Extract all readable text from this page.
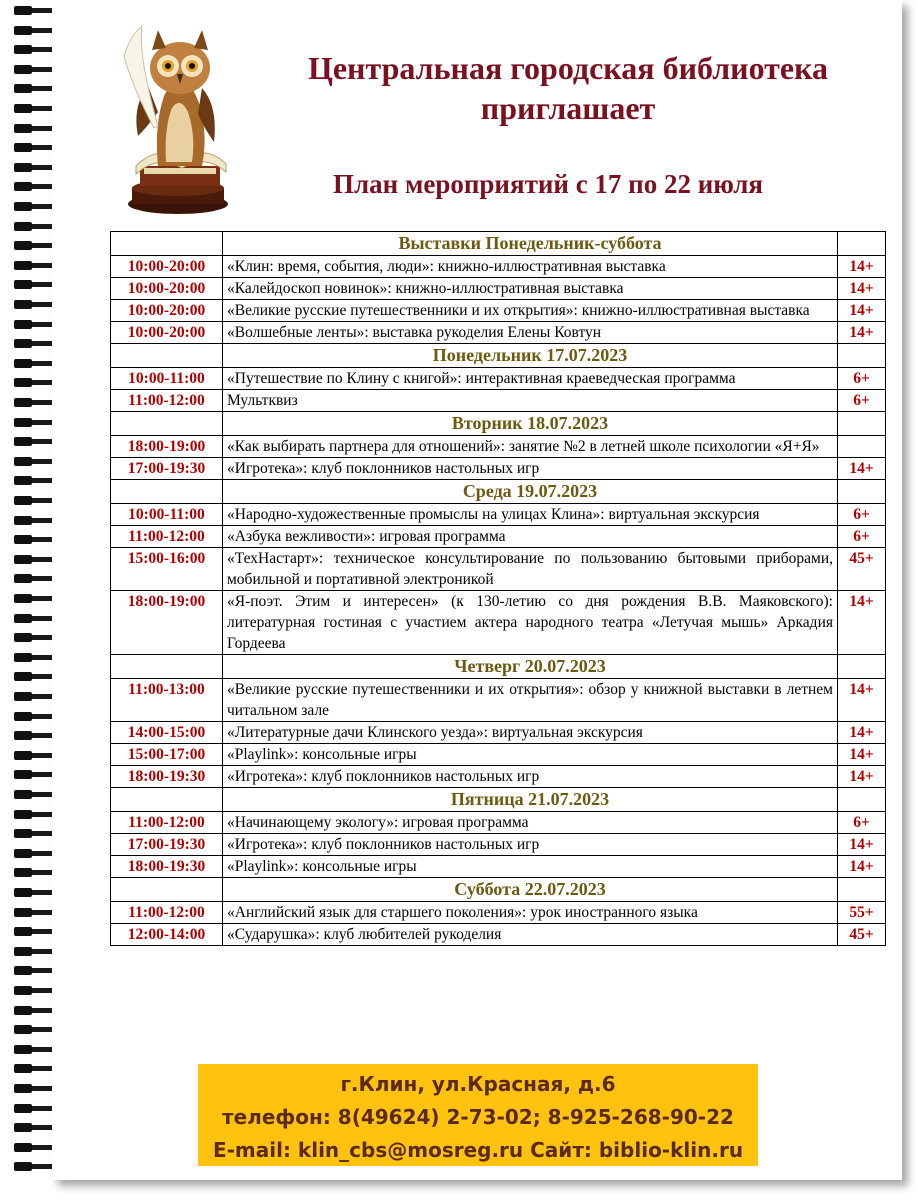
Центральная городская библиотека
приглашает
План мероприятий с 17 по 22 июля
	Выставки Понедельник-суббота	
10:00-20:00	«Клин: время, события, люди»: книжно-иллюстративная выставка	14+
10:00-20:00	«Калейдоскоп новинок»: книжно-иллюстративная выставка	14+
10:00-20:00	«Великие русские путешественники и их открытия»: книжно-иллюстративная выставка	14+
10:00-20:00	«Волшебные ленты»: выставка рукоделия Елены Ковтун	14+
	Понедельник 17.07.2023	
10:00-11:00	«Путешествие по Клину с книгой»: интерактивная краеведческая программа	6+
11:00-12:00	Мультквиз	6+
	Вторник 18.07.2023	
18:00-19:00	«Как выбирать партнера для отношений»: занятие №2 в летней школе психологии «Я+Я»	
17:00-19:30	«Игротека»: клуб поклонников настольных игр	14+
	Среда 19.07.2023	
10:00-11:00	«Народно-художественные промыслы на улицах Клина»: виртуальная экскурсия	6+
11:00-12:00	«Азбука вежливости»: игровая программа	6+
15:00-16:00	«ТехНастарт»: техническое консультирование по пользованию бытовыми приборами, мобильной и портативной электроникой	45+
18:00-19:00	«Я-поэт. Этим и интересен» (к 130-летию со дня рождения В.В. Маяковского): литературная гостиная с участием актера народного театра «Летучая мышь» Аркадия Гордеева	14+
	Четверг 20.07.2023	
11:00-13:00	«Великие русские путешественники и их открытия»: обзор у книжной выставки в летнем читальном зале	14+
14:00-15:00	«Литературные дачи Клинского уезда»: виртуальная экскурсия	14+
15:00-17:00	«Playlink»: консольные игры	14+
18:00-19:30	«Игротека»: клуб поклонников настольных игр	14+
	Пятница 21.07.2023	
11:00-12:00	«Начинающему экологу»: игровая программа	6+
17:00-19:30	«Игротека»: клуб поклонников настольных игр	14+
18:00-19:30	«Playlink»: консольные игры	14+
	Суббота 22.07.2023	
11:00-12:00	«Английский язык для старшего поколения»: урок иностранного языка	55+
12:00-14:00	«Сударушка»: клуб любителей рукоделия	45+
г.Клин, ул.Красная, д.6
телефон: 8(49624) 2-73-02; 8-925-268-90-22
E-mail: klin_cbs@mosreg.ru Сайт: biblio-klin.ru
